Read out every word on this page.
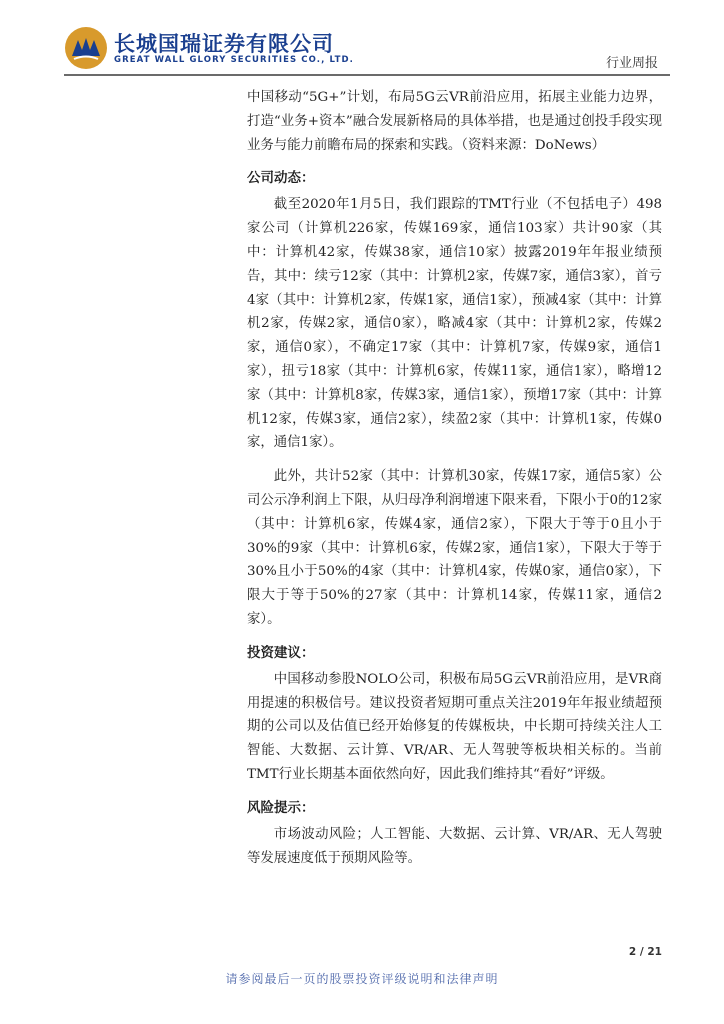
长城国瑞证券有限公司
GREAT WALL GLORY SECURITIES CO., LTD.	行业周报

中国移动“5G+”计划，布局5G云VR前沿应用，拓展主业能力边界，打造“业务+资本”融合发展新格局的具体举措，也是通过创投手段实现业务与能力前瞻布局的探索和实践。（资料来源：DoNews）

公司动态：

截至2020年1月5日，我们跟踪的TMT行业（不包括电子）498家公司（计算机226家，传媒169家，通信103家）共计90家（其中：计算机42家，传媒38家，通信10家）披露2019年年报业绩预告，其中：续亏12家（其中：计算机2家，传媒7家，通信3家），首亏4家（其中：计算机2家，传媒1家，通信1家），预减4家（其中：计算机2家，传媒2家，通信0家），略减4家（其中：计算机2家，传媒2家，通信0家），不确定17家（其中：计算机7家，传媒9家，通信1家），扭亏18家（其中：计算机6家，传媒11家，通信1家），略增12家（其中：计算机8家，传媒3家，通信1家），预增17家（其中：计算机12家，传媒3家，通信2家），续盈2家（其中：计算机1家，传媒0家，通信1家）。

此外，共计52家（其中：计算机30家，传媒17家，通信5家）公司公示净利润上下限，从归母净利润增速下限来看，下限小于0的12家（其中：计算机6家，传媒4家，通信2家），下限大于等于0且小于30%的9家（其中：计算机6家，传媒2家，通信1家），下限大于等于30%且小于50%的4家（其中：计算机4家，传媒0家，通信0家），下限大于等于50%的27家（其中：计算机14家，传媒11家，通信2家）。

投资建议：

中国移动参股NOLO公司，积极布局5G云VR前沿应用，是VR商用提速的积极信号。建议投资者短期可重点关注2019年年报业绩超预期的公司以及估值已经开始修复的传媒板块，中长期可持续关注人工智能、大数据、云计算、VR/AR、无人驾驶等板块相关标的。当前TMT行业长期基本面依然向好，因此我们维持其“看好”评级。

风险提示：

市场波动风险；人工智能、大数据、云计算、VR/AR、无人驾驶等发展速度低于预期风险等。

2 / 21
请参阅最后一页的股票投资评级说明和法律声明
